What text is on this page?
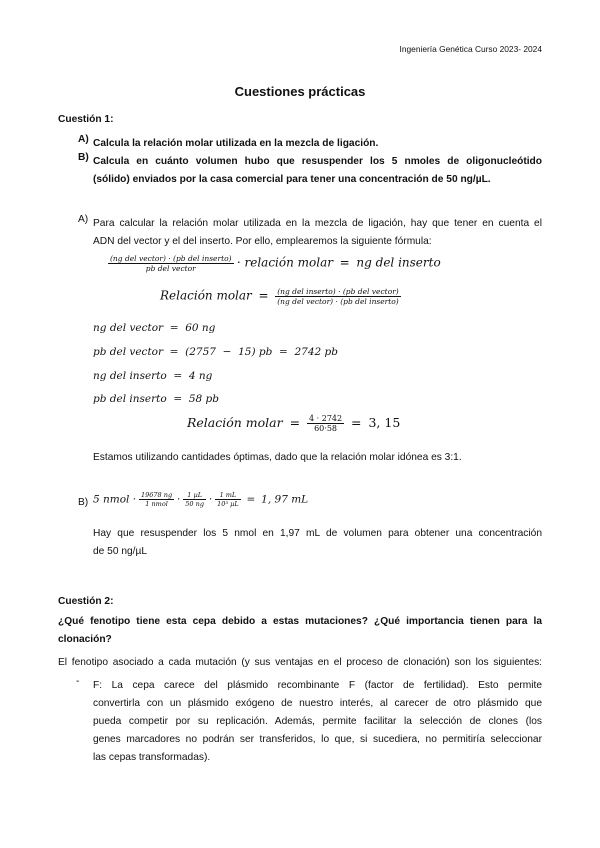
Ingeniería Genética Curso 2023- 2024
Cuestiones prácticas
Cuestión 1:
A) Calcula la relación molar utilizada en la mezcla de ligación.
B) Calcula en cuánto volumen hubo que resuspender los 5 nmoles de oligonucleótido
(sólido) enviados por la casa comercial para tener una concentración de 50 ng/µL.
A) Para calcular la relación molar utilizada en la mezcla de ligación, hay que tener en cuenta el
ADN del vector y el del inserto. Por ello, emplearemos la siguiente fórmula:
$\frac{\text{(ng del vector) · (pb del inserto)}}{\text{pb del vector}}$ · relación molar = ng del inserto
Relación molar = $\frac{\text{(ng del inserto) · (pb del vector)}}{\text{(ng del vector) · (pb del inserto)}}$
ng del vector  =  60 ng
pb del vector  =  (2757  −  15) pb  =  2742 pb
ng del inserto  =  4 ng
pb del inserto  =  58 pb
Relación molar = $\frac{4 \cdot 2742}{60\cdot 58} = 3$, 15
Estamos utilizando cantidades óptimas, dado que la relación molar idónea es 3:1.
B) 5 nmol · $\frac{19678 ng}{\text{1 nmol}} \cdot \frac{\text{1 µL}}{50 ng} \cdot \frac{1 mL}{\text{10³ µL}} = 1$, 97 mL
Hay que resuspender los 5 nmol en 1,97 mL de volumen para obtener una concentración
de 50 ng/µL
Cuestión 2:
¿Qué fenotipo tiene esta cepa debido a estas mutaciones? ¿Qué importancia tienen para la
clonación?
El fenotipo asociado a cada mutación (y sus ventajas en el proceso de clonación) son los siguientes:
- F: La cepa carece del plásmido recombinante F (factor de fertilidad). Esto permite
convertirla con un plásmido exógeno de nuestro interés, al carecer de otro plásmido que
pueda competir por su replicación. Además, permite facilitar la selección de clones (los
genes marcadores no podrán ser transferidos, lo que, si sucediera, no permitiría seleccionar
las cepas transformadas).
